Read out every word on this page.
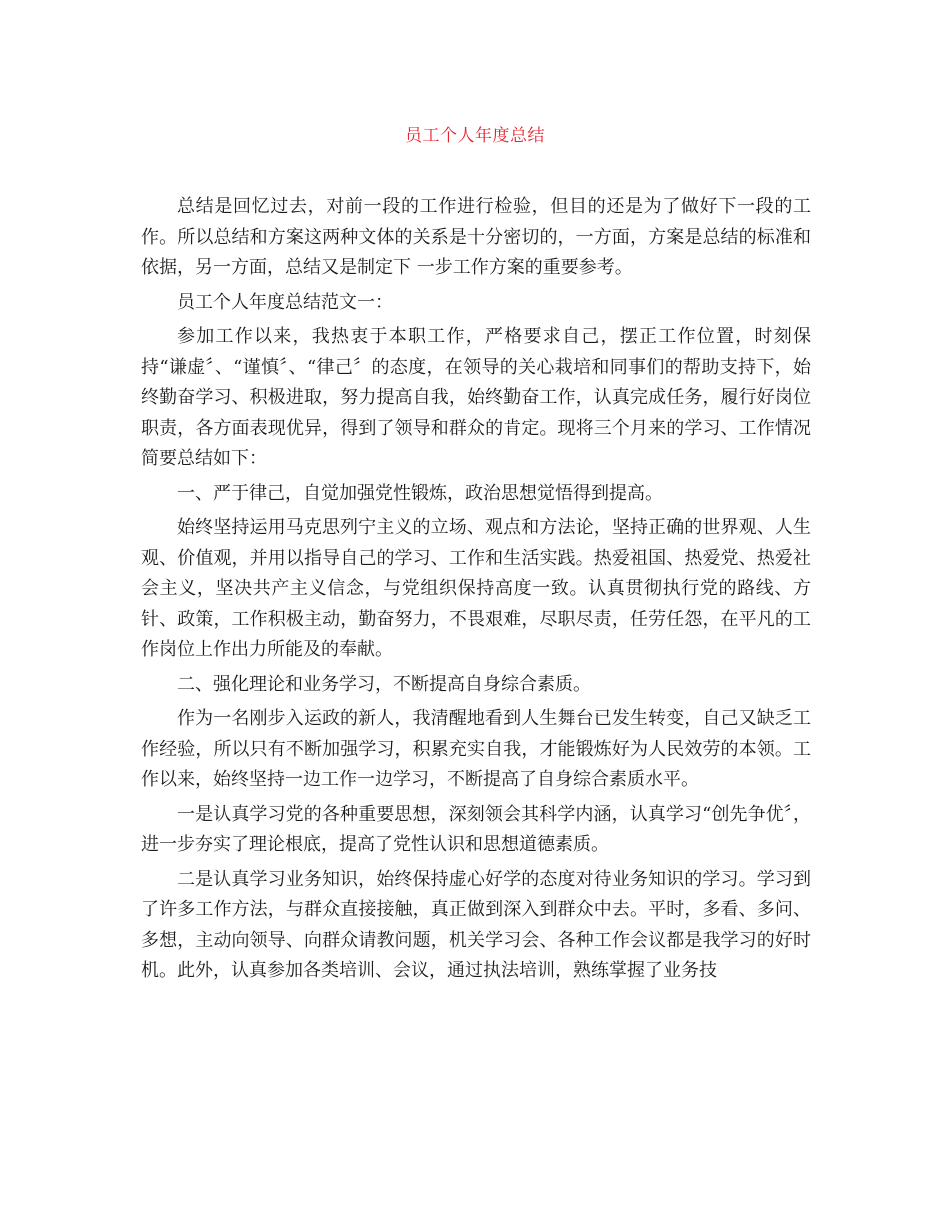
员工个人年度总结

总结是回忆过去，对前一段的工作进行检验，但目的还是为了做好下一段的工作。所以总结和方案这两种文体的关系是十分密切的，一方面，方案是总结的标准和依据，另一方面，总结又是制定下 一步工作方案的重要参考。

员工个人年度总结范文一：

参加工作以来，我热衷于本职工作，严格要求自己，摆正工作位置，时刻保持“谦虚〞、“谨慎〞、“律己〞的态度，在领导的关心栽培和同事们的帮助支持下，始终勤奋学习、积极进取，努力提高自我，始终勤奋工作，认真完成任务，履行好岗位职责，各方面表现优异，得到了领导和群众的肯定。现将三个月来的学习、工作情况简要总结如下：

一、严于律己，自觉加强党性锻炼，政治思想觉悟得到提高。

始终坚持运用马克思列宁主义的立场、观点和方法论，坚持正确的世界观、人生观、价值观，并用以指导自己的学习、工作和生活实践。热爱祖国、热爱党、热爱社会主义，坚决共产主义信念，与党组织保持高度一致。认真贯彻执行党的路线、方针、政策，工作积极主动，勤奋努力，不畏艰难，尽职尽责，任劳任怨，在平凡的工作岗位上作出力所能及的奉献。

二、强化理论和业务学习，不断提高自身综合素质。

作为一名刚步入运政的新人，我清醒地看到人生舞台已发生转变，自己又缺乏工作经验，所以只有不断加强学习，积累充实自我，才能锻炼好为人民效劳的本领。工作以来，始终坚持一边工作一边学习，不断提高了自身综合素质水平。

一是认真学习党的各种重要思想，深刻领会其科学内涵，认真学习“创先争优〞，进一步夯实了理论根底，提高了党性认识和思想道德素质。

二是认真学习业务知识，始终保持虚心好学的态度对待业务知识的学习。学习到了许多工作方法，与群众直接接触，真正做到深入到群众中去。平时，多看、多问、多想，主动向领导、向群众请教问题，机关学习会、各种工作会议都是我学习的好时机。此外，认真参加各类培训、会议，通过执法培训，熟练掌握了业务技
